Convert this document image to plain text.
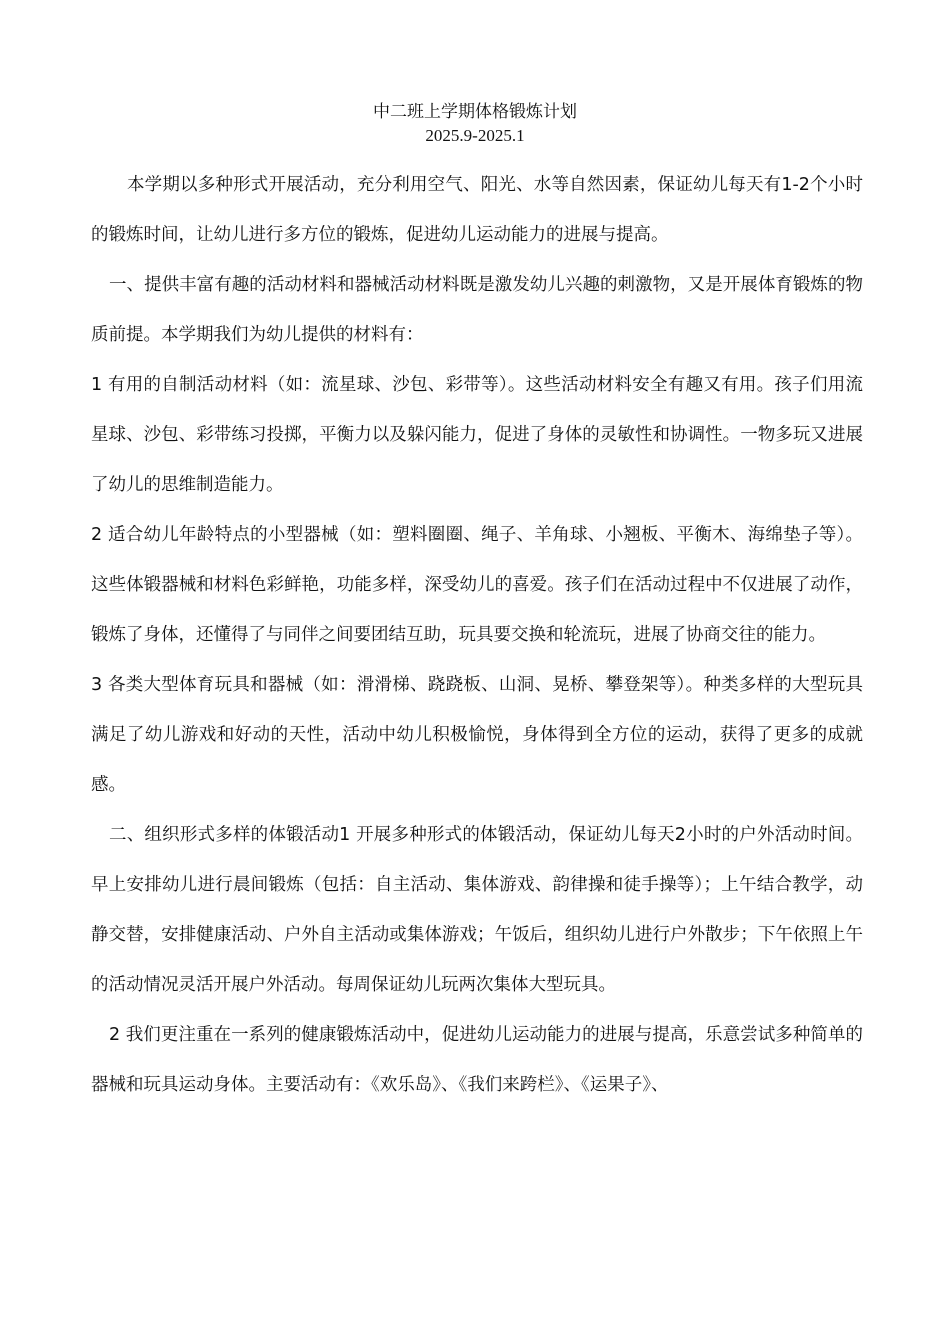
中二班上学期体格锻炼计划
2025.9-2025.1

本学期以多种形式开展活动，充分利用空气、阳光、水等自然因素，保证幼儿每天有1-2个小时的锻炼时间，让幼儿进行多方位的锻炼，促进幼儿运动能力的进展与提高。

一、提供丰富有趣的活动材料和器械活动材料既是激发幼儿兴趣的刺激物，又是开展体育锻炼的物质前提。本学期我们为幼儿提供的材料有：

1 有用的自制活动材料（如：流星球、沙包、彩带等）。这些活动材料安全有趣又有用。孩子们用流星球、沙包、彩带练习投掷，平衡力以及躲闪能力，促进了身体的灵敏性和协调性。一物多玩又进展了幼儿的思维制造能力。

2 适合幼儿年龄特点的小型器械（如：塑料圈圈、绳子、羊角球、小翘板、平衡木、海绵垫子等）。这些体锻器械和材料色彩鲜艳，功能多样，深受幼儿的喜爱。孩子们在活动过程中不仅进展了动作，锻炼了身体，还懂得了与同伴之间要团结互助，玩具要交换和轮流玩，进展了协商交往的能力。

3 各类大型体育玩具和器械（如：滑滑梯、跷跷板、山洞、晃桥、攀登架等）。种类多样的大型玩具满足了幼儿游戏和好动的天性，活动中幼儿积极愉悦，身体得到全方位的运动，获得了更多的成就感。

二、组织形式多样的体锻活动1 开展多种形式的体锻活动，保证幼儿每天2小时的户外活动时间。早上安排幼儿进行晨间锻炼（包括：自主活动、集体游戏、韵律操和徒手操等）；上午结合教学，动静交替，安排健康活动、户外自主活动或集体游戏；午饭后，组织幼儿进行户外散步；下午依照上午的活动情况灵活开展户外活动。每周保证幼儿玩两次集体大型玩具。

2 我们更注重在一系列的健康锻炼活动中，促进幼儿运动能力的进展与提高，乐意尝试多种简单的器械和玩具运动身体。主要活动有：《欢乐岛》、《我们来跨栏》、《运果子》、
